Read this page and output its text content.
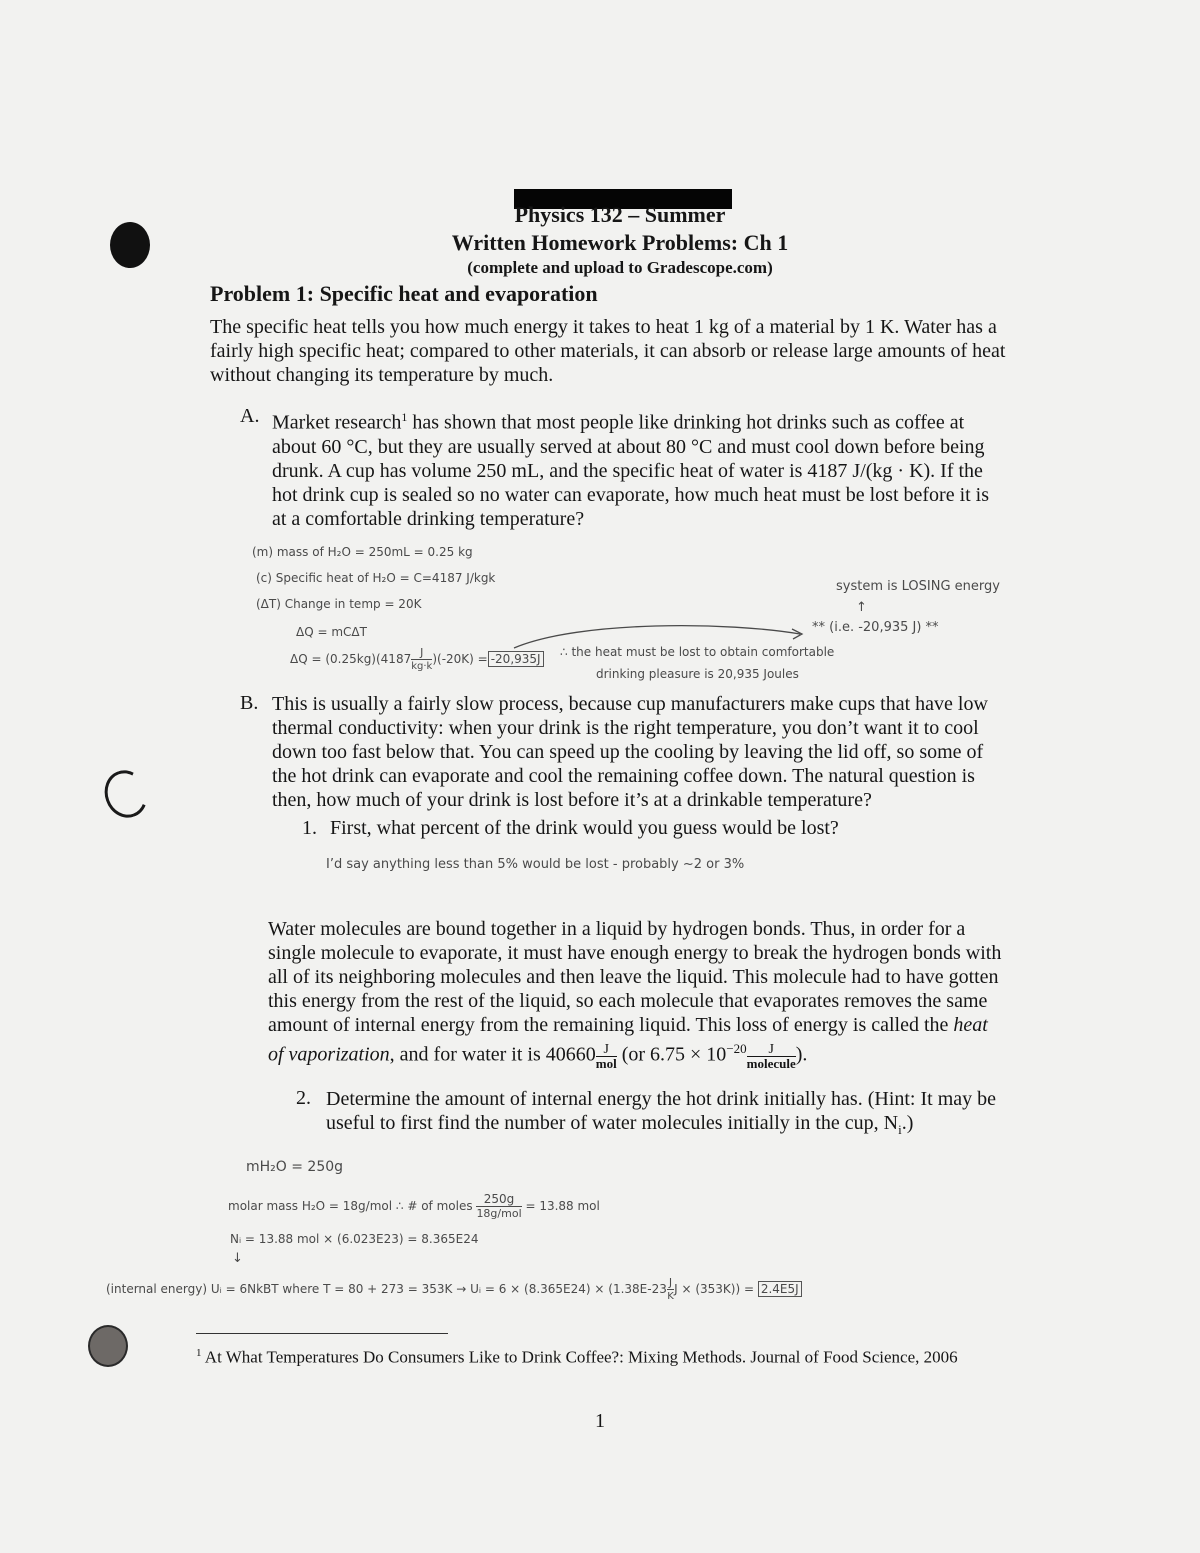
Physics 132 – Summer
Written Homework Problems: Ch 1
(complete and upload to Gradescope.com)
Problem 1: Specific heat and evaporation
The specific heat tells you how much energy it takes to heat 1 kg of a material by 1 K. Water has a fairly high specific heat; compared to other materials, it can absorb or release large amounts of heat without changing its temperature by much.
A. Market research$^1$ has shown that most people like drinking hot drinks such as coffee at about 60 °C, but they are usually served at about 80 °C and must cool down before being drunk. A cup has volume 250 mL, and the specific heat of water is 4187 J/(kg · K). If the hot drink cup is sealed so no water can evaporate, how much heat must be lost before it is at a comfortable drinking temperature?
(m) mass of H₂O = 250mL = 0.25 kg
(c) Specific heat of H₂O = C=4187 J/kgk
(ΔT) Change in temp = 20K
ΔQ = mCΔT
$\Delta Q = (0.25kg)(4187 \frac{J}{kg\cdot k} )(-20K) = -20,935J$ ∴ the heat must be lost to obtain comfortable
drinking pleasure is 20,935 Joules
system is LOSING energy
↑
** (i.e. -20,935 J) **
B. This is usually a fairly slow process, because cup manufacturers make cups that have low thermal conductivity: when your drink is the right temperature, you don’t want it to cool down too fast below that. You can speed up the cooling by leaving the lid off, so some of the hot drink can evaporate and cool the remaining coffee down. The natural question is then, how much of your drink is lost before it’s at a drinkable temperature?
1. First, what percent of the drink would you guess would be lost?
I’d say anything less than 5% would be lost - probably ~2 or 3%
Water molecules are bound together in a liquid by hydrogen bonds. Thus, in order for a single molecule to evaporate, it must have enough energy to break the hydrogen bonds with all of its neighboring molecules and then leave the liquid. This molecule had to have gotten this energy from the rest of the liquid, so each molecule that evaporates removes the same amount of internal energy from the remaining liquid. This loss of energy is called the heat of vaporization, and for water it is $40660 \frac{J}{\text{mol}} (or$ $6.75 \times 10^{-20} \frac{J}{\text{molecule}}$ ).
2. Determine the amount of internal energy the hot drink initially has. (Hint: It may be useful to first find the number of water molecules initially in the cup, $N_i$.)
mH₂O = 250g
molar mass H₂O = 18g/mol ∴ # of moles $\frac{250g}{\text{18g/mol}} = 13.88$ mol
Nᵢ = 13.88 mol × (6.023E23) = 8.365E24
↓
(internal energy) Uᵢ = 6NkBT where T = 80 + 273 = 353K → Uᵢ = $6 \times (8.365E24) \times (1.38E-23 \frac{J}{K}$ J × (353K)) = 2.4E5J
$^1$ At What Temperatures Do Consumers Like to Drink Coffee?: Mixing Methods. Journal of Food Science, 2006
1
